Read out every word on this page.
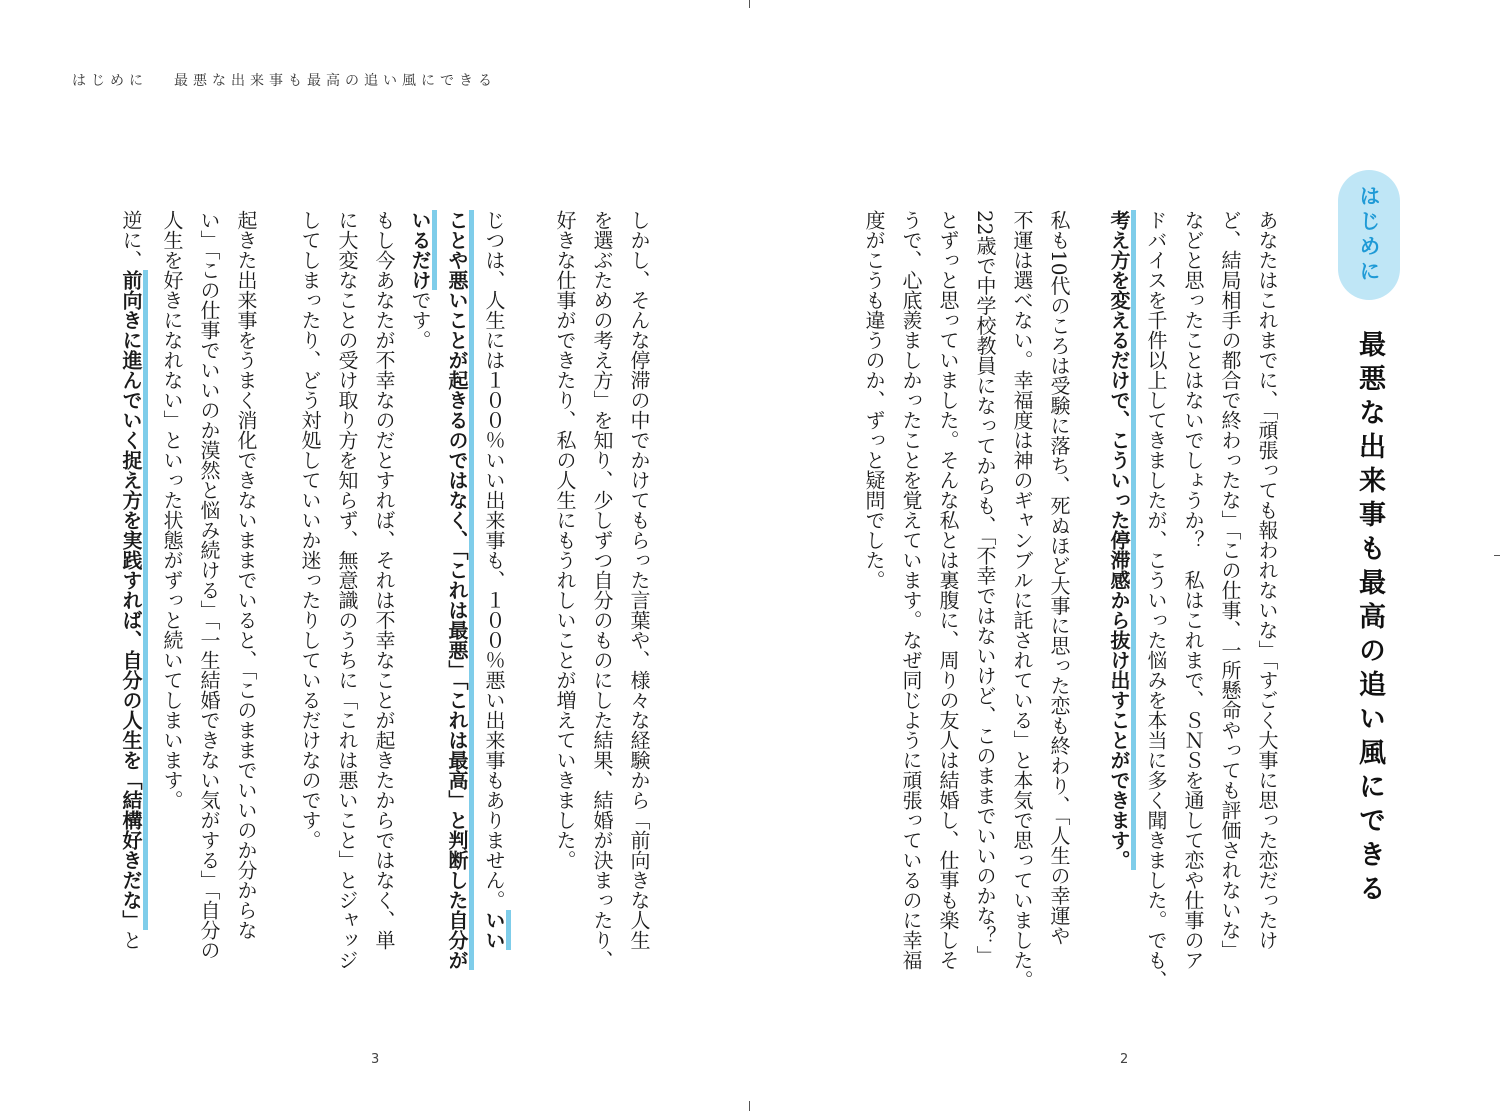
はじめに 最悪な出来事も最高の追い風にできる
はじめに
最悪な出来事も最高の追い風にできる
あなたはこれまでに、「頑張っても報われないな」「すごく大事に思った恋だったけ
ど、結局相手の都合で終わったな」「この仕事、一所懸命やっても評価されないな」
などと思ったことはないでしょうか？　私はこれまで、ＳＮＳを通して恋や仕事のア
ドバイスを千件以上してきましたが、こういった悩みを本当に多く聞きました。でも、
考え方を変えるだけで、こういった停滞感から抜け出すことができます。
私も10代のころは受験に落ち、死ぬほど大事に思った恋も終わり、「人生の幸運や
不運は選べない。幸福度は神のギャンブルに託されている」と本気で思っていました。
22歳で中学校教員になってからも、「不幸ではないけど、このままでいいのかな？」
とずっと思っていました。そんな私とは裏腹に、周りの友人は結婚し、仕事も楽しそ
うで、心底羨ましかったことを覚えています。なぜ同じように頑張っているのに幸福
度がこうも違うのか、ずっと疑問でした。
2
しかし、そんな停滞の中でかけてもらった言葉や、様々な経験から「前向きな人生
を選ぶための考え方」を知り、少しずつ自分のものにした結果、結婚が決まったり、
好きな仕事ができたり、私の人生にもうれしいことが増えていきました。
じつは、人生には１００％いい出来事も、１００％悪い出来事もありません。いい
ことや悪いことが起きるのではなく、「これは最悪」「これは最高」と判断した自分が
いるだけです。
もし今あなたが不幸なのだとすれば、それは不幸なことが起きたからではなく、単
に大変なことの受け取り方を知らず、無意識のうちに「これは悪いこと」とジャッジ
してしまったり、どう対処していいか迷ったりしているだけなのです。
起きた出来事をうまく消化できないままでいると、「このままでいいのか分からな
い」「この仕事でいいのか漠然と悩み続ける」「一生結婚できない気がする」「自分の
人生を好きになれない」といった状態がずっと続いてしまいます。
逆に、前向きに進んでいく捉え方を実践すれば、自分の人生を「結構好きだな」と
3
